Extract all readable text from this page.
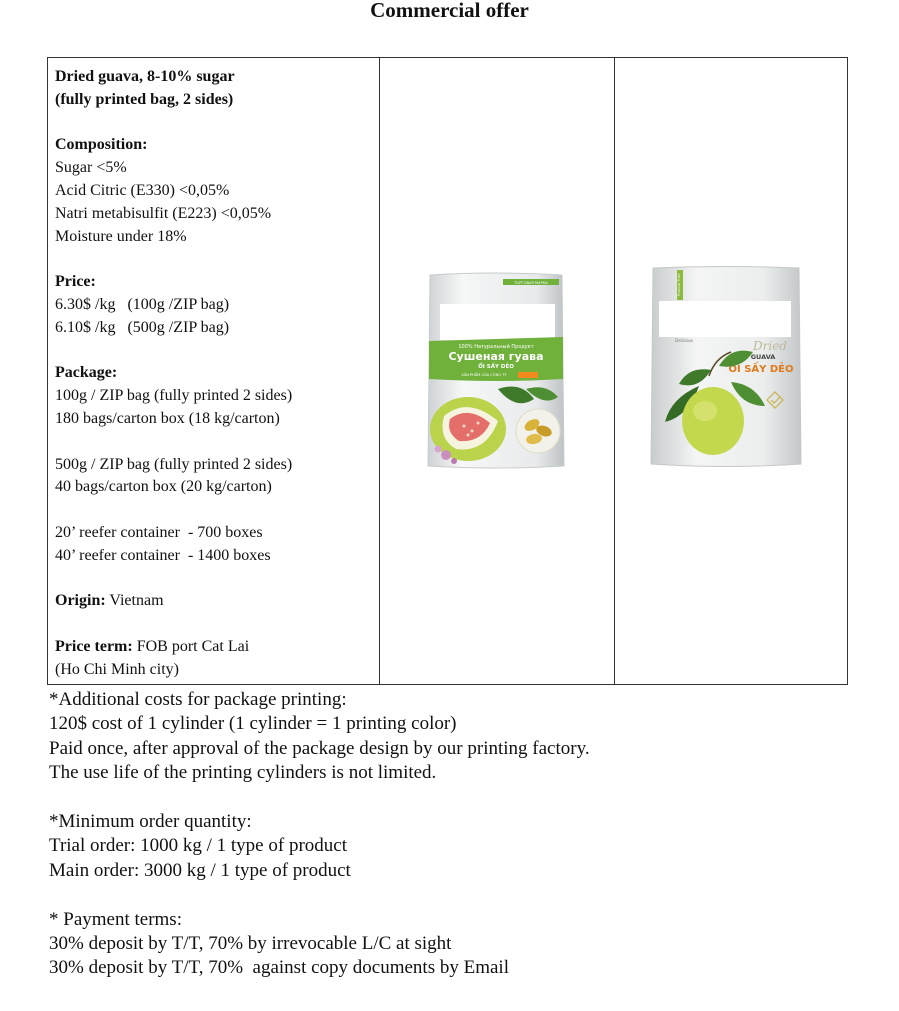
Commercial offer
Dried guava, 8-10% sugar
(fully printed bag, 2 sides)
Composition:
Sugar <5%
Acid Citric (E330) <0,05%
Natri metabisulfit (E223) <0,05%
Moisture under 18%
Price:
6.30$ /kg   (100g /ZIP bag)
6.10$ /kg   (500g /ZIP bag)
Package:
100g / ZIP bag (fully printed 2 sides)
180 bags/carton box (18 kg/carton)
500g / ZIP bag (fully printed 2 sides)
40 bags/carton box (20 kg/carton)
20’ reefer container  - 700 boxes
40’ reefer container  - 1400 boxes
Origin: Vietnam
Price term: FOB port Cat Lai
(Ho Chi Minh city)

ТОРГОВАЯ МАРКА
100% Натуральный Продукт
Сушеная гуава
ỔI SẤY DẺO
SẢN PHẨM CỦA CÔNG TY

Tropical Fruit
Delicious	Dried
GUAVA
ỔI SẤY DẺO
*Additional costs for package printing:
120$ cost of 1 cylinder (1 cylinder = 1 printing color)
Paid once, after approval of the package design by our printing factory.
The use life of the printing cylinders is not limited.
*Minimum order quantity:
Trial order: 1000 kg / 1 type of product
Main order: 3000 kg / 1 type of product
* Payment terms:
30% deposit by T/T, 70% by irrevocable L/C at sight
30% deposit by T/T, 70%  against copy documents by Email
